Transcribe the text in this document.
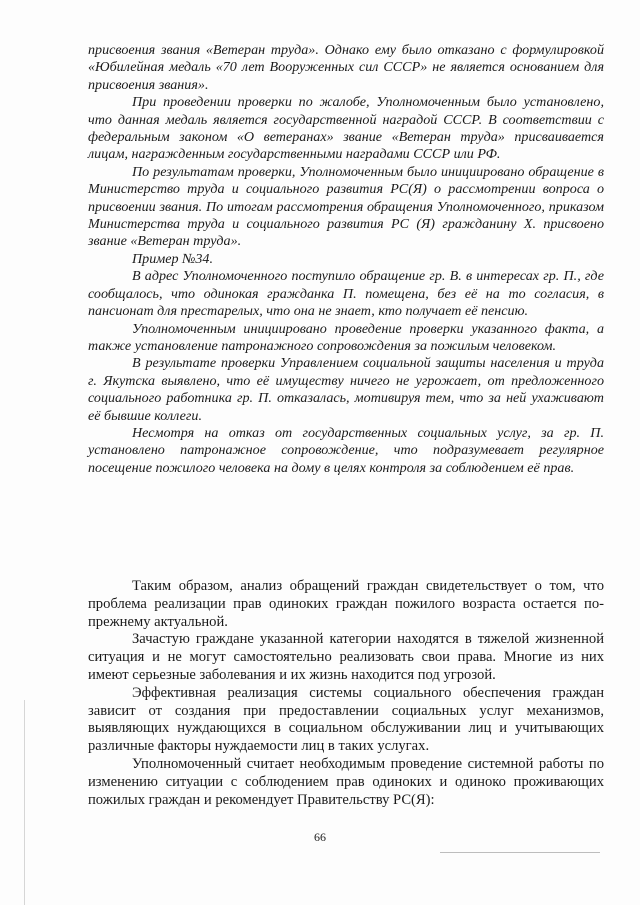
присвоения звания «Ветеран труда». Однако ему было отказано с формулировкой «Юбилейная медаль «70 лет Вооруженных сил СССР» не является основанием для присвоения звания».

При проведении проверки по жалобе, Уполномоченным было установлено, что данная медаль является государственной наградой СССР. В соответствии с федеральным законом «О ветеранах» звание «Ветеран труда» присваивается лицам, награжденным государственными наградами СССР или РФ.

По результатам проверки, Уполномоченным было инициировано обращение в Министерство труда и социального развития РС(Я) о рассмотрении вопроса о присвоении звания. По итогам рассмотрения обращения Уполномоченного, приказом Министерства труда и социального развития РС (Я) гражданину Х. присвоено звание «Ветеран труда».

Пример №34.

В адрес Уполномоченного поступило обращение гр. В. в интересах гр. П., где сообщалось, что одинокая гражданка П. помещена, без её на то согласия, в пансионат для престарелых, что она не знает, кто получает её пенсию.

Уполномоченным инициировано проведение проверки указанного факта, а также установление патронажного сопровождения за пожилым человеком.

В результате проверки Управлением социальной защиты населения и труда г. Якутска выявлено, что её имуществу ничего не угрожает, от предложенного социального работника гр. П. отказалась, мотивируя тем, что за ней ухаживают её бывшие коллеги.

Несмотря на отказ от государственных социальных услуг, за гр. П. установлено патронажное сопровождение, что подразумевает регулярное посещение пожилого человека на дому в целях контроля за соблюдением её прав.

Таким образом, анализ обращений граждан свидетельствует о том, что проблема реализации прав одиноких граждан пожилого возраста остается по-прежнему актуальной.

Зачастую граждане указанной категории находятся в тяжелой жизненной ситуация и не могут самостоятельно реализовать свои права. Многие из них имеют серьезные заболевания и их жизнь находится под угрозой.

Эффективная реализация системы социального обеспечения граждан зависит от создания при предоставлении социальных услуг механизмов, выявляющих нуждающихся в социальном обслуживании лиц и учитывающих различные факторы нуждаемости лиц в таких услугах.

Уполномоченный считает необходимым проведение системной работы по изменению ситуации с соблюдением прав одиноких и одиноко проживающих пожилых граждан и рекомендует Правительству РС(Я):

66
